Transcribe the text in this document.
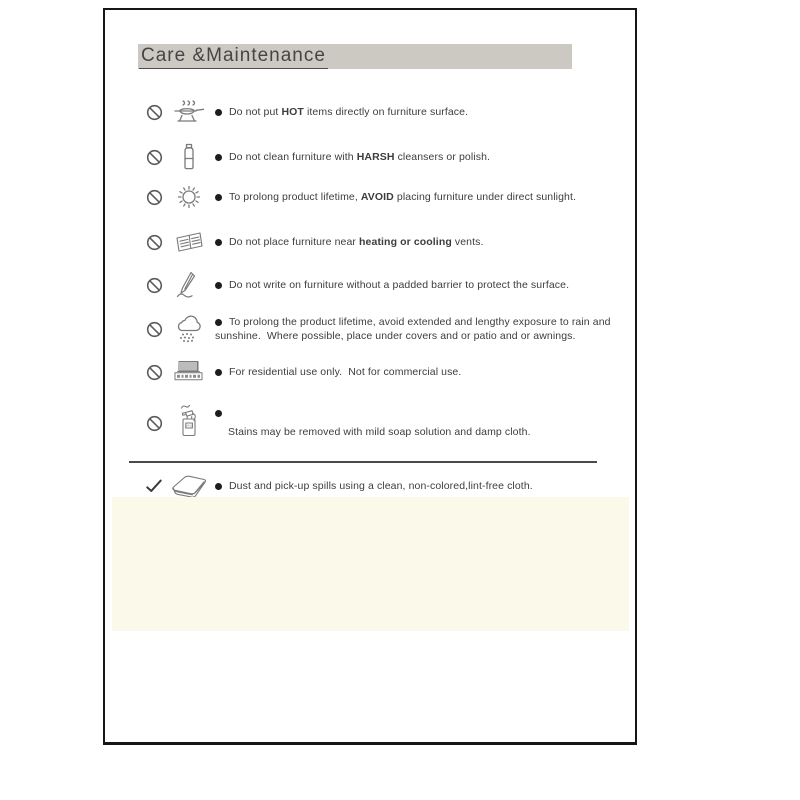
Care &Maintenance
Do not put HOT items directly on furniture surface.
Do not clean furniture with HARSH cleansers or polish.
To prolong product lifetime, AVOID placing furniture under direct sunlight.
Do not place furniture near heating or cooling vents.
Do not write on furniture without a padded barrier to protect the surface.
To prolong the product lifetime, avoid extended and lengthy exposure to rain and sunshine.  Where possible, place under covers and or patio and or awnings.
For residential use only.  Not for commercial use.
MILD	Stains may be removed with mild soap solution and damp cloth.
Dust and pick-up spills using a clean, non-colored,lint-free cloth.
